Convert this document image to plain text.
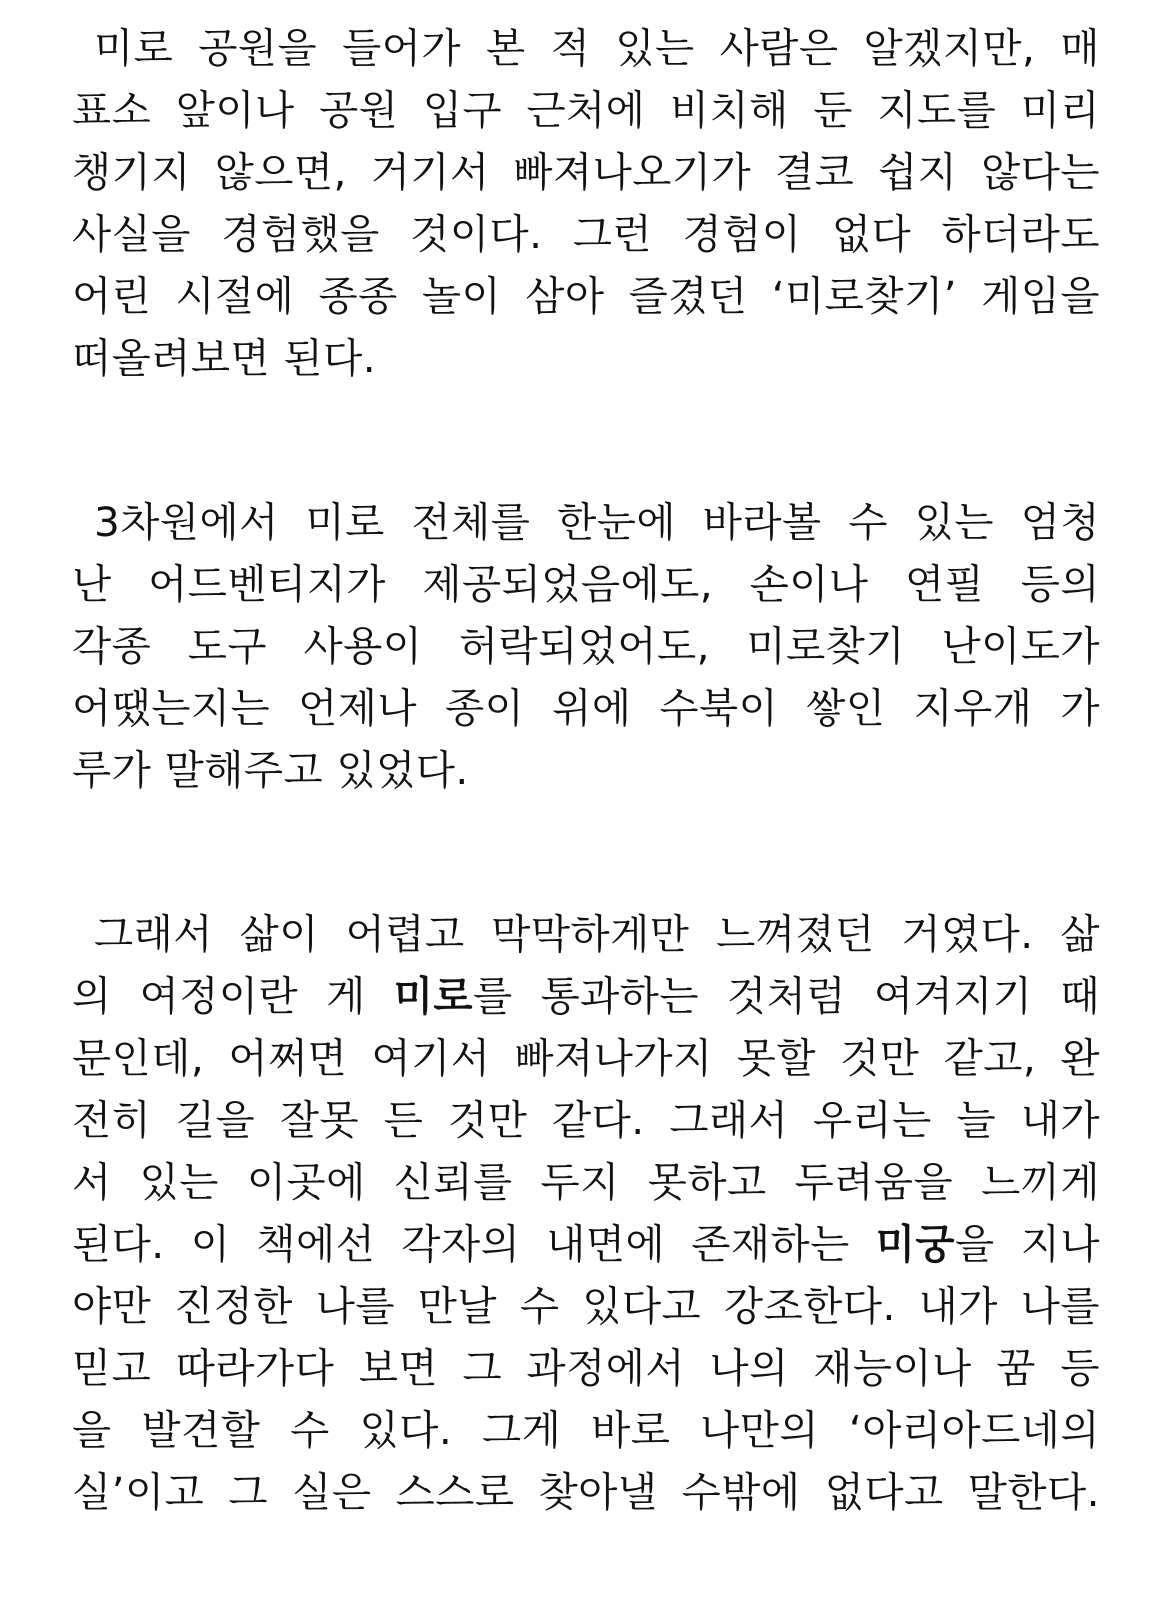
미로 공원을 들어가 본 적 있는 사람은 알겠지만, 매
표소 앞이나 공원 입구 근처에 비치해 둔 지도를 미리
챙기지 않으면, 거기서 빠져나오기가 결코 쉽지 않다는
사실을 경험했을 것이다. 그런 경험이 없다 하더라도
어린 시절에 종종 놀이 삼아 즐겼던 ‘미로찾기’ 게임을
떠올려보면 된다.
3차원에서 미로 전체를 한눈에 바라볼 수 있는 엄청
난 어드벤티지가 제공되었음에도, 손이나 연필 등의
각종 도구 사용이 허락되었어도, 미로찾기 난이도가
어땠는지는 언제나 종이 위에 수북이 쌓인 지우개 가
루가 말해주고 있었다.
그래서 삶이 어렵고 막막하게만 느껴졌던 거였다. 삶
의 여정이란 게 미로를 통과하는 것처럼 여겨지기 때
문인데, 어쩌면 여기서 빠져나가지 못할 것만 같고, 완
전히 길을 잘못 든 것만 같다. 그래서 우리는 늘 내가
서 있는 이곳에 신뢰를 두지 못하고 두려움을 느끼게
된다. 이 책에선 각자의 내면에 존재하는 미궁을 지나
야만 진정한 나를 만날 수 있다고 강조한다. 내가 나를
믿고 따라가다 보면 그 과정에서 나의 재능이나 꿈 등
을 발견할 수 있다. 그게 바로 나만의 ‘아리아드네의
실’이고 그 실은 스스로 찾아낼 수밖에 없다고 말한다.
